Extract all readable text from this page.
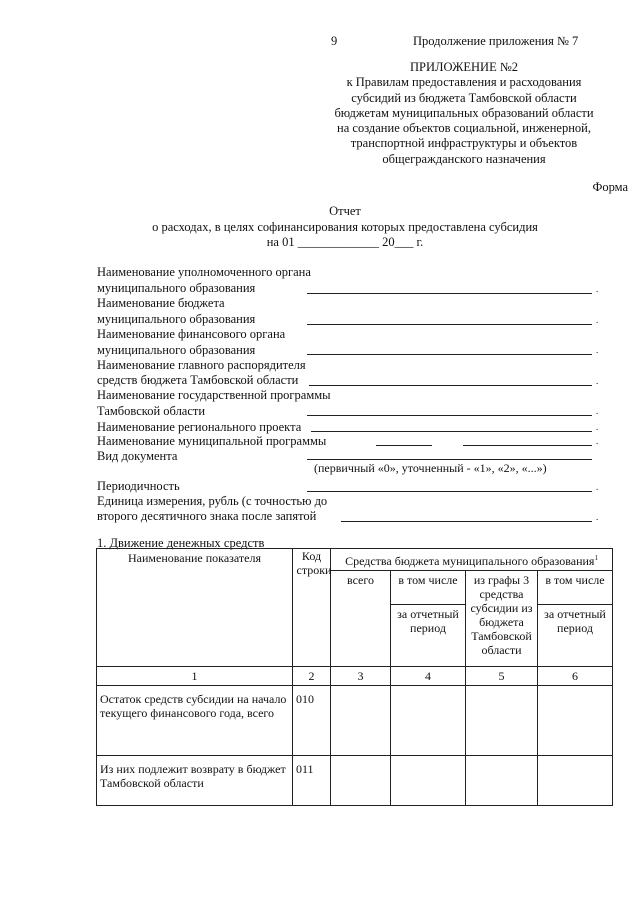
9	Продолжение приложения № 7
ПРИЛОЖЕНИЕ №2
к Правилам предоставления и расходования
субсидий из бюджета Тамбовской области
бюджетам муниципальных образований области
на создание объектов социальной, инженерной,
транспортной инфраструктуры и объектов
общегражданского назначения
Форма
Отчет
о расходах, в целях софинансирования которых предоставлена субсидия
на 01 _____________ 20___ г.
Наименование уполномоченного органа
муниципального образования	.
Наименование бюджета
муниципального образования	.
Наименование финансового органа
муниципального образования	.
Наименование главного распорядителя
средств бюджета Тамбовской области	.
Наименование государственной программы
Тамбовской области	.
Наименование регионального проекта	.
Наименование муниципальной программы	.
Вид документа
(первичный «0», уточненный - «1», «2», «...»)
Периодичность	.
Единица измерения, рубль (с точностью до
второго десятичного знака после запятой	.
1. Движение денежных средств
Наименование показателя	Код строки	Средства бюджета муниципального образования$^1$
		всего	в том числе	из графы 3 средства субсидии из бюджета Тамбовской области	в том числе
			за отчетный период		за отчетный период
1	2	3	4	5	6
Остаток средств субсидии на начало текущего финансового года, всего	010				
Из них подлежит возврату в бюджет Тамбовской области	011				
